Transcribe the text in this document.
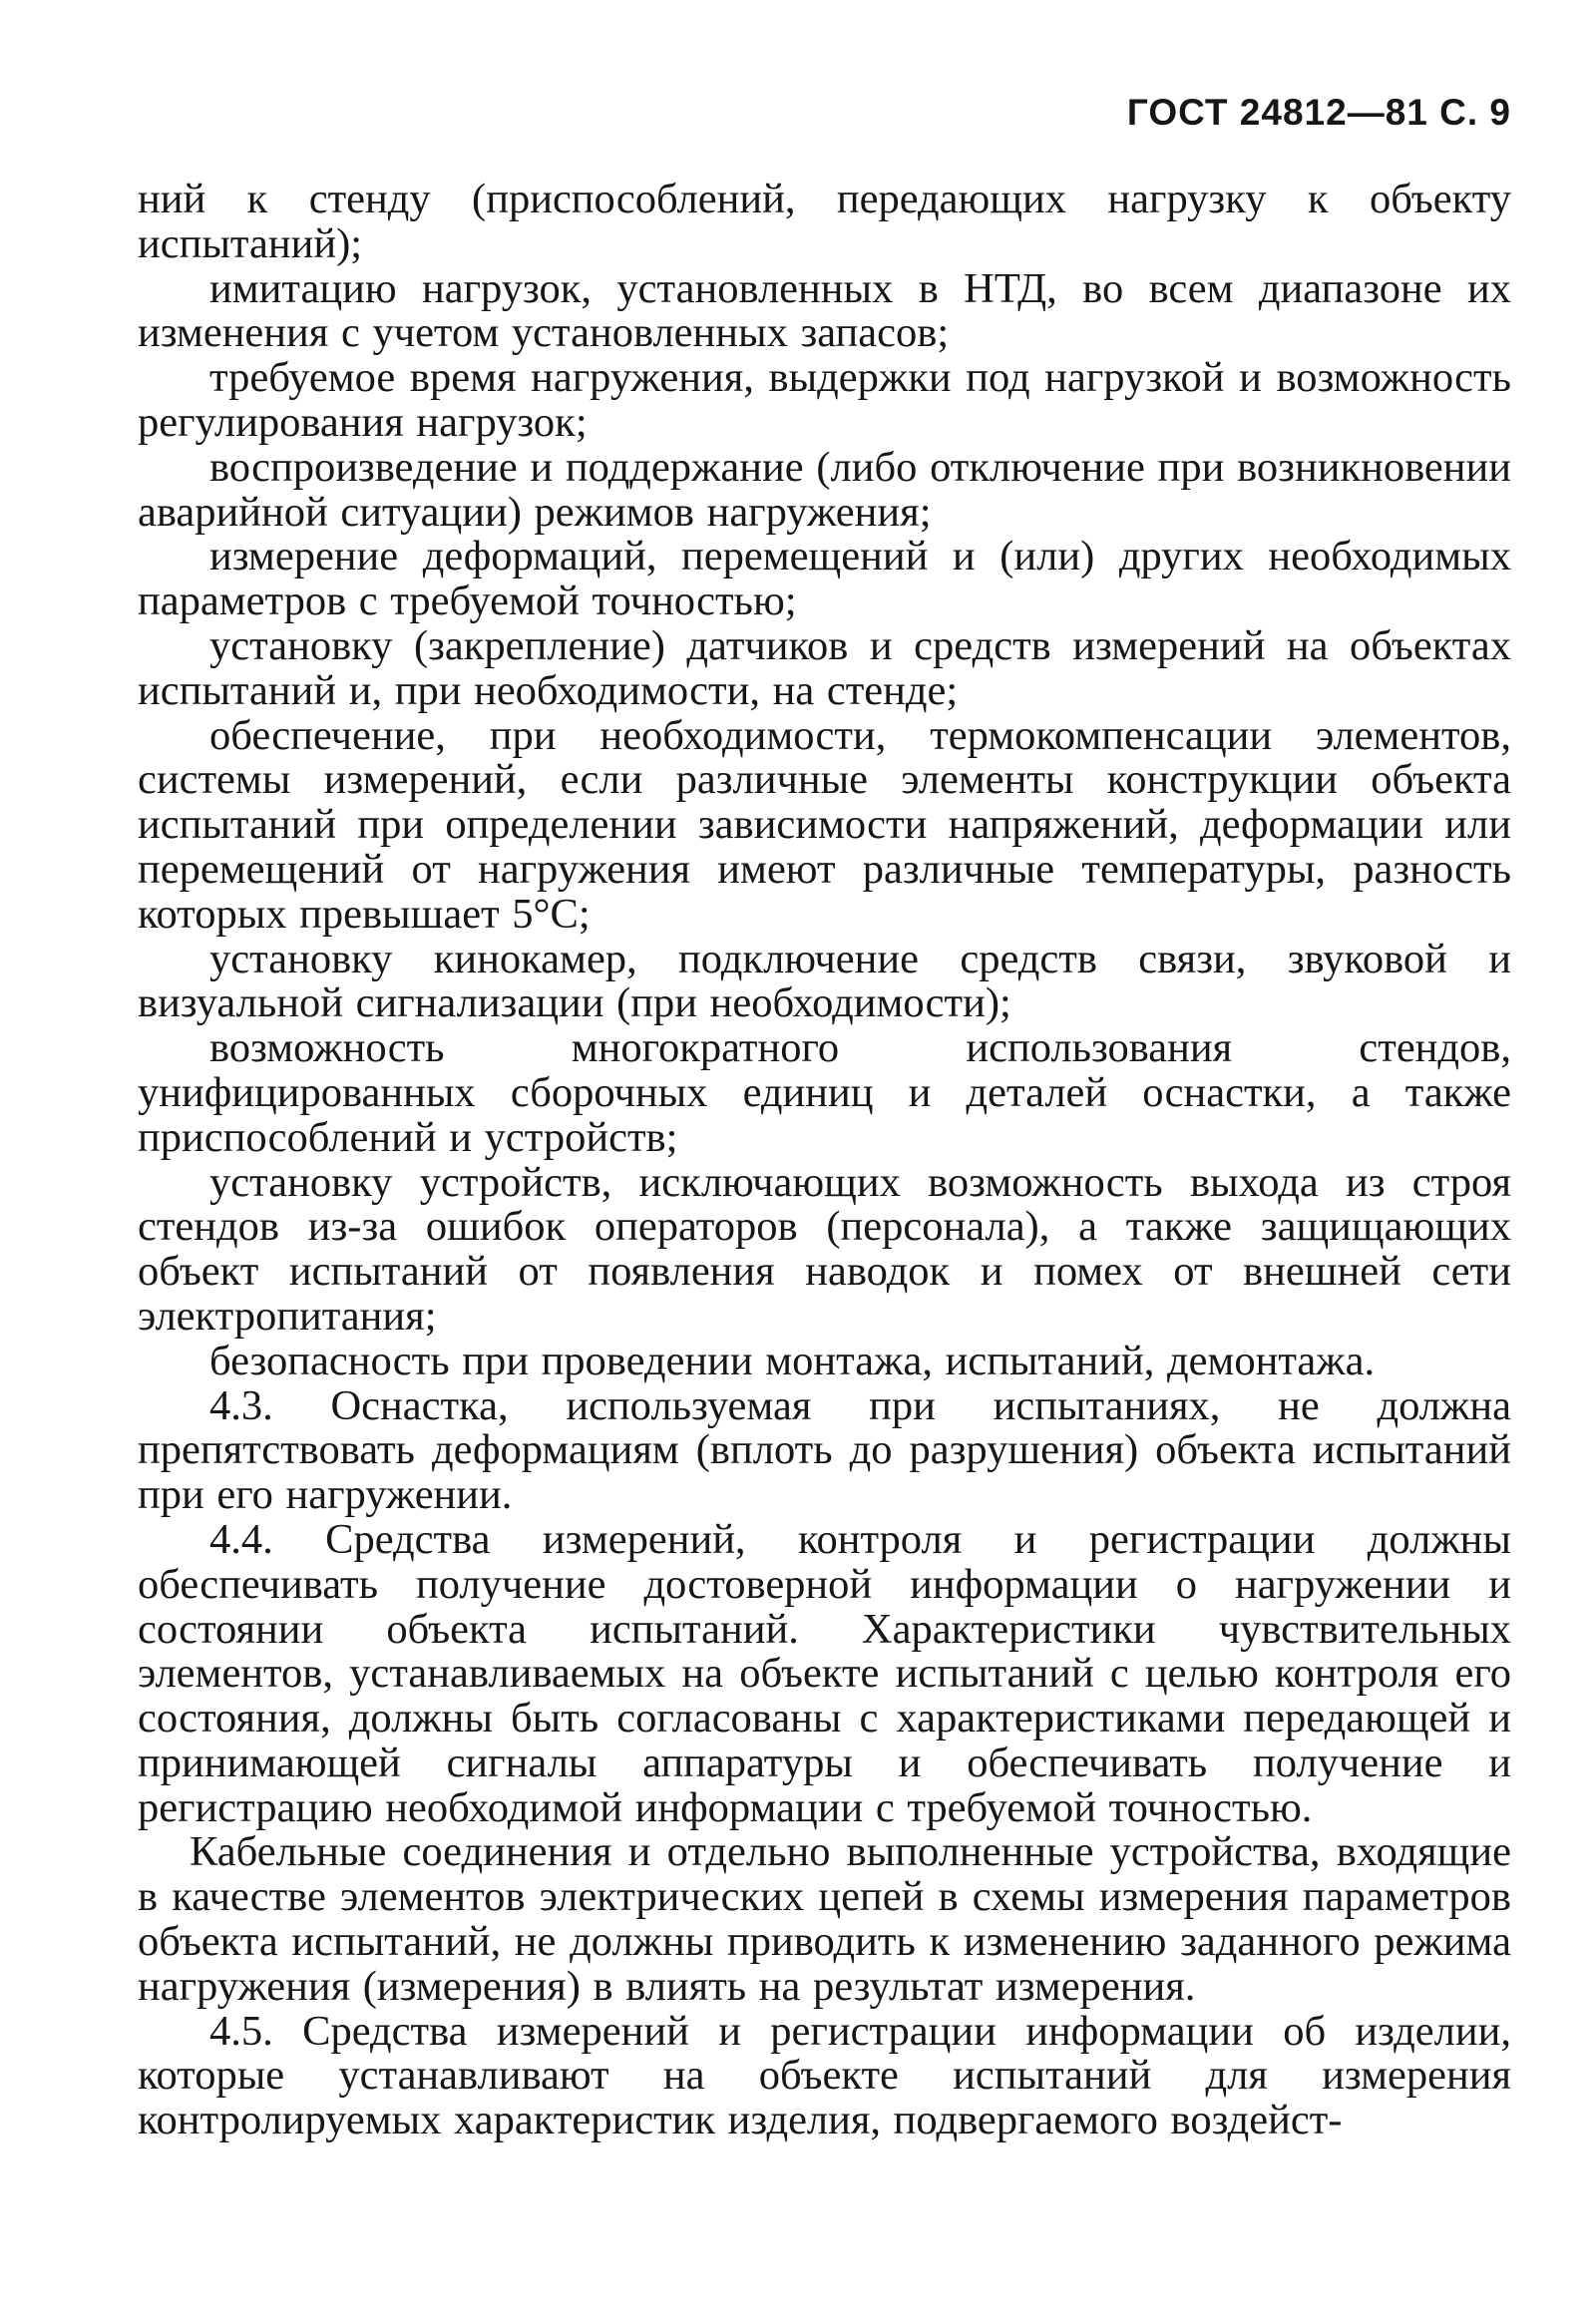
ГОСТ 24812—81 С. 9

ний к стенду (приспособлений, передающих нагрузку к объекту испытаний);

имитацию нагрузок, установленных в НТД, во всем диапазоне их изменения с учетом установленных запасов;

требуемое время нагружения, выдержки под нагрузкой и возможность регулирования нагрузок;

воспроизведение и поддержание (либо отключение при возникновении аварийной ситуации) режимов нагружения;

измерение деформаций, перемещений и (или) других необходимых параметров с требуемой точностью;

установку (закрепление) датчиков и средств измерений на объектах испытаний и, при необходимости, на стенде;

обеспечение, при необходимости, термокомпенсации элементов, системы измерений, если различные элементы конструкции объекта испытаний при определении зависимости напряжений, деформации или перемещений от нагружения имеют различные температуры, разность которых превышает 5°С;

установку кинокамер, подключение средств связи, звуковой и визуальной сигнализации (при необходимости);

возможность многократного использования стендов, унифицированных сборочных единиц и деталей оснастки, а также приспособлений и устройств;

установку устройств, исключающих возможность выхода из строя стендов из-за ошибок операторов (персонала), а также защищающих объект испытаний от появления наводок и помех от внешней сети электропитания;

безопасность при проведении монтажа, испытаний, демонтажа.

4.3. Оснастка, используемая при испытаниях, не должна препятствовать деформациям (вплоть до разрушения) объекта испытаний при его нагружении.

4.4. Средства измерений, контроля и регистрации должны обеспечивать получение достоверной информации о нагружении и состоянии объекта испытаний. Характеристики чувствительных элементов, устанавливаемых на объекте испытаний с целью контроля его состояния, должны быть согласованы с характеристиками передающей и принимающей сигналы аппаратуры и обеспечивать получение и регистрацию необходимой информации с требуемой точностью.

Кабельные соединения и отдельно выполненные устройства, входящие в качестве элементов электрических цепей в схемы измерения параметров объекта испытаний, не должны приводить к изменению заданного режима нагружения (измерения) в влиять на результат измерения.

4.5. Средства измерений и регистрации информации об изделии, которые устанавливают на объекте испытаний для измерения контролируемых характеристик изделия, подвергаемого воздейст-
